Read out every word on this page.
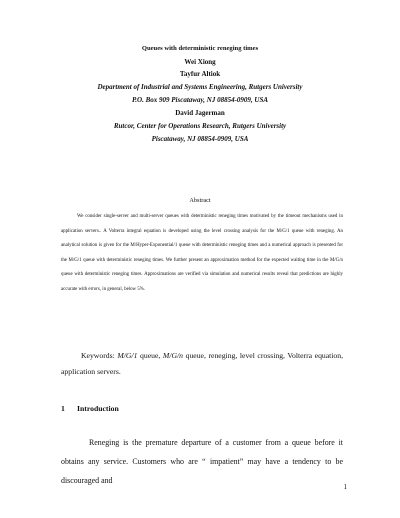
Queues with deterministic reneging times
Wei Xiong
Tayfur Altiok
Department of Industrial and Systems Engineering, Rutgers University
P.O. Box 909 Piscataway, NJ 08854-0909, USA
David Jagerman
Rutcor, Center for Operations Research, Rutgers University
Piscataway, NJ 08854-0909, USA
Abstract

We consider single-server and multi-server queues with deterministic reneging times motivated by the timeout mechanisms used in application servers.. A Volterra integral equation is developed using the level crossing analysis for the M/G/1 queue with reneging. An analytical solution is given for the M/Hyper-Exponential/1 queue with deterministic reneging times and a numerical approach is presented for the M/G/1 queue with deterministic reneging times. We further present an approximation method for the expected waiting time in the M/G/n queue with deterministic reneging times. Approximations are verified via simulation and numerical results reveal that predictions are highly accurate with errors, in general, below 5%.

Keywords: M/G/1 queue, M/G/n queue, reneging, level crossing, Volterra equation, application servers.

1 Introduction

Reneging is the premature departure of a customer from a queue before it obtains any service. Customers who are “ impatient” may have a tendency to be discouraged and

1
